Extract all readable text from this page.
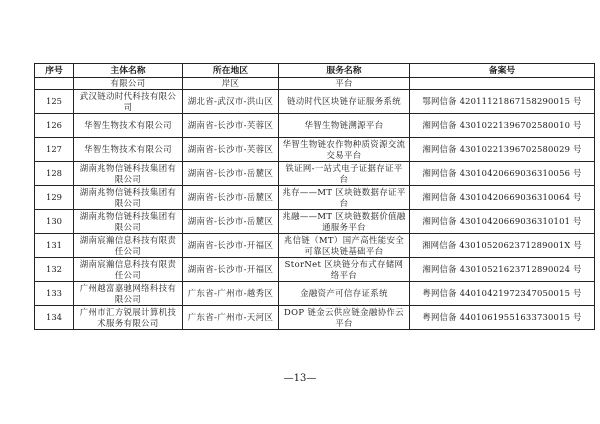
序号	主体名称	所在地区	服务名称	备案号
	有限公司	岸区	平台	
125	武汉链动时代科技有限公司	湖北省-武汉市-洪山区	链动时代区块链存证服务系统	鄂网信备 42011121867158290015 号
126	华智生物技术有限公司	湖南省-长沙市-芙蓉区	华智生物链溯源平台	湘网信备 43010221396702580010 号
127	华智生物技术有限公司	湖南省-长沙市-芙蓉区	华智生物链农作物种质资源交流交易平台	湘网信备 43010221396702580029 号
128	湖南兆物信链科技集团有限公司	湖南省-长沙市-岳麓区	铁证网-一站式电子证据存证平台	湘网信备 43010420669036310056 号
129	湖南兆物信链科技集团有限公司	湖南省-长沙市-岳麓区	兆存——MT 区块链数据存证平台	湘网信备 43010420669036310064 号
130	湖南兆物信链科技集团有限公司	湖南省-长沙市-岳麓区	兆融——MT 区块链数据价值融通服务平台	湘网信备 43010420669036310101 号
131	湖南宸瀚信息科技有限责任公司	湖南省-长沙市-开福区	兆信链（MT）国产高性能安全可靠区块链基础平台	湘网信备 4301052062371289001X 号
132	湖南宸瀚信息科技有限责任公司	湖南省-长沙市-开福区	StorNet 区块链分布式存储网络平台	湘网信备 43010521623712890024 号
133	广州越富嘉驰网络科技有限公司	广东省-广州市-越秀区	金融资产可信存证系统	粤网信备 44010421972347050015 号
134	广州市汇方锐展计算机技术服务有限公司	广东省-广州市-天河区	DOP 链金云供应链金融协作云平台	粤网信备 44010619551633730015 号
—13—
